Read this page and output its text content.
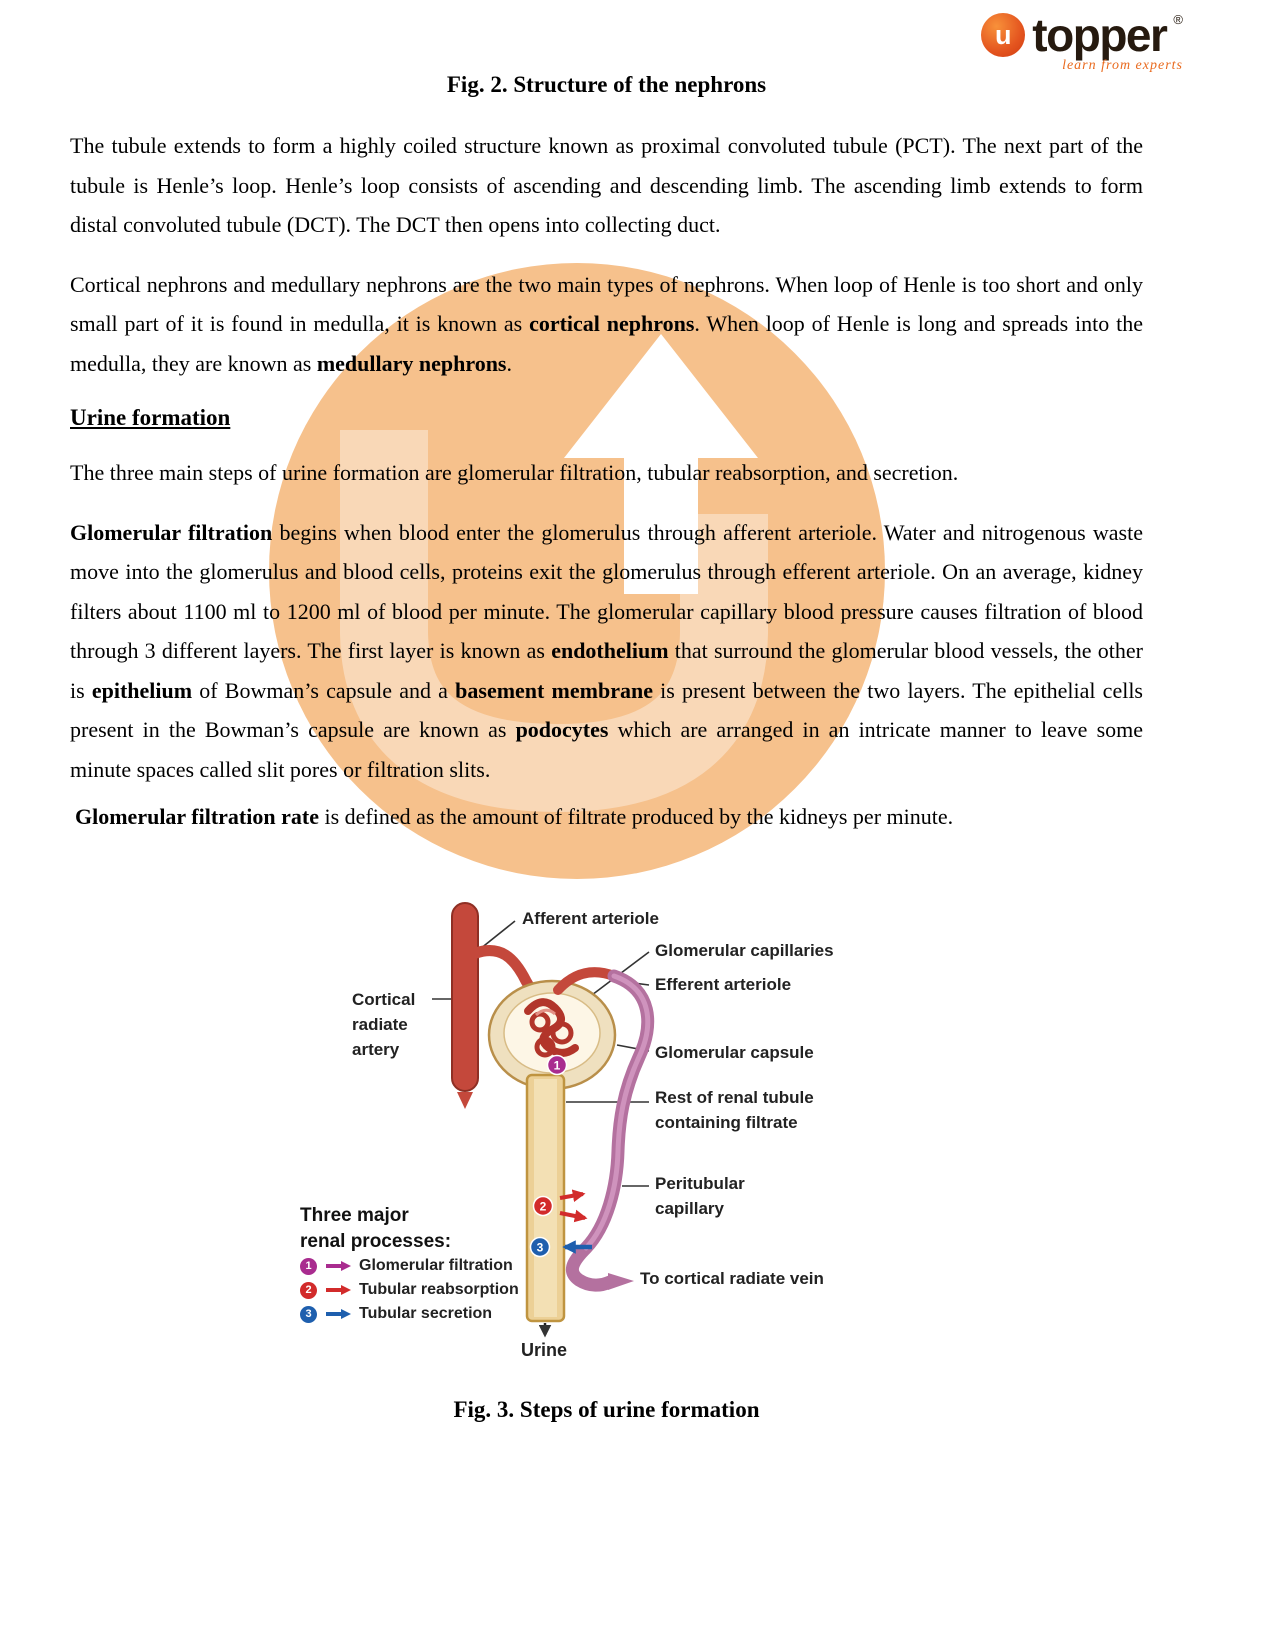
u topper ®
learn from experts
Fig. 2. Structure of the nephrons

The tubule extends to form a highly coiled structure known as proximal convoluted tubule (PCT). The next part of the tubule is Henle’s loop. Henle’s loop consists of ascending and descending limb. The ascending limb extends to form distal convoluted tubule (DCT). The DCT then opens into collecting duct.

Cortical nephrons and medullary nephrons are the two main types of nephrons. When loop of Henle is too short and only small part of it is found in medulla, it is known as cortical nephrons. When loop of Henle is long and spreads into the medulla, they are known as medullary nephrons.

Urine formation

The three main steps of urine formation are glomerular filtration, tubular reabsorption, and secretion.

Glomerular filtration begins when blood enter the glomerulus through afferent arteriole. Water and nitrogenous waste move into the glomerulus and blood cells, proteins exit the glomerulus through efferent arteriole. On an average, kidney filters about 1100 ml to 1200 ml of blood per minute. The glomerular capillary blood pressure causes filtration of blood through 3 different layers. The first layer is known as endothelium that surround the glomerular blood vessels, the other is epithelium of Bowman’s capsule and a basement membrane is present between the two layers. The epithelial cells present in the Bowman’s capsule are known as podocytes which are arranged in an intricate manner to leave some minute spaces called slit pores or filtration slits.

Glomerular filtration rate is defined as the amount of filtrate produced by the kidneys per minute.

1
2
3
Afferent arteriole
Glomerular capillaries
Efferent arteriole
Cortical
radiate
artery	Glomerular capsule
Rest of renal tubule
containing filtrate
Peritubular
capillary
To cortical radiate vein
Urine
Three major
renal processes:
1	Glomerular filtration
2	Tubular reabsorption
3	Tubular secretion
Fig. 3. Steps of urine formation
